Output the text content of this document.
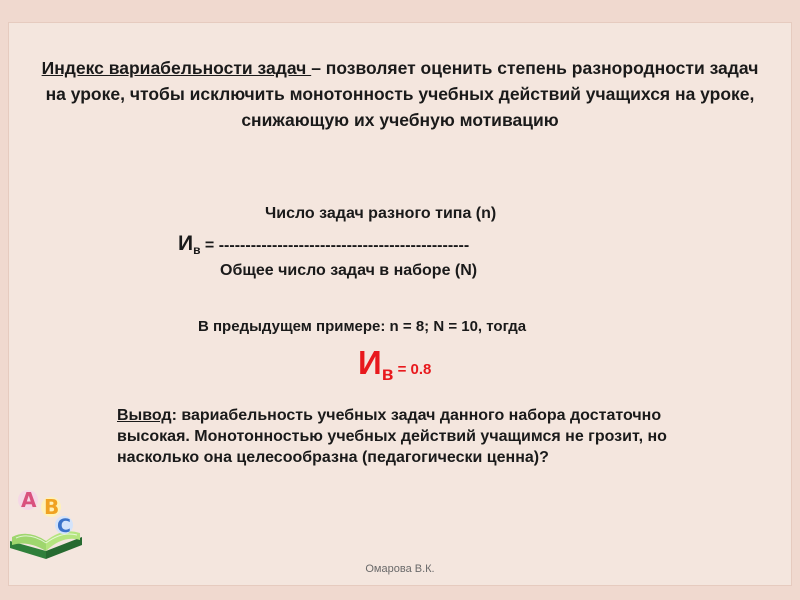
Индекс вариабельности задач – позволяет оценить степень разнородности задач на уроке, чтобы исключить монотонность учебных действий учащихся на уроке, снижающую их учебную мотивацию
Число задач разного типа (n)
$И_в$ = -----------------------------------------------
Общее число задач в наборе (N)
В предыдущем примере: n = 8; N = 10, тогда
Ив = 0.8
Вывод: вариабельность учебных задач данного набора достаточно высокая. Монотонностью учебных действий учащимся не грозит, но насколько она целесообразна (педагогически ценна)?
A B
C
Омарова В.К.
